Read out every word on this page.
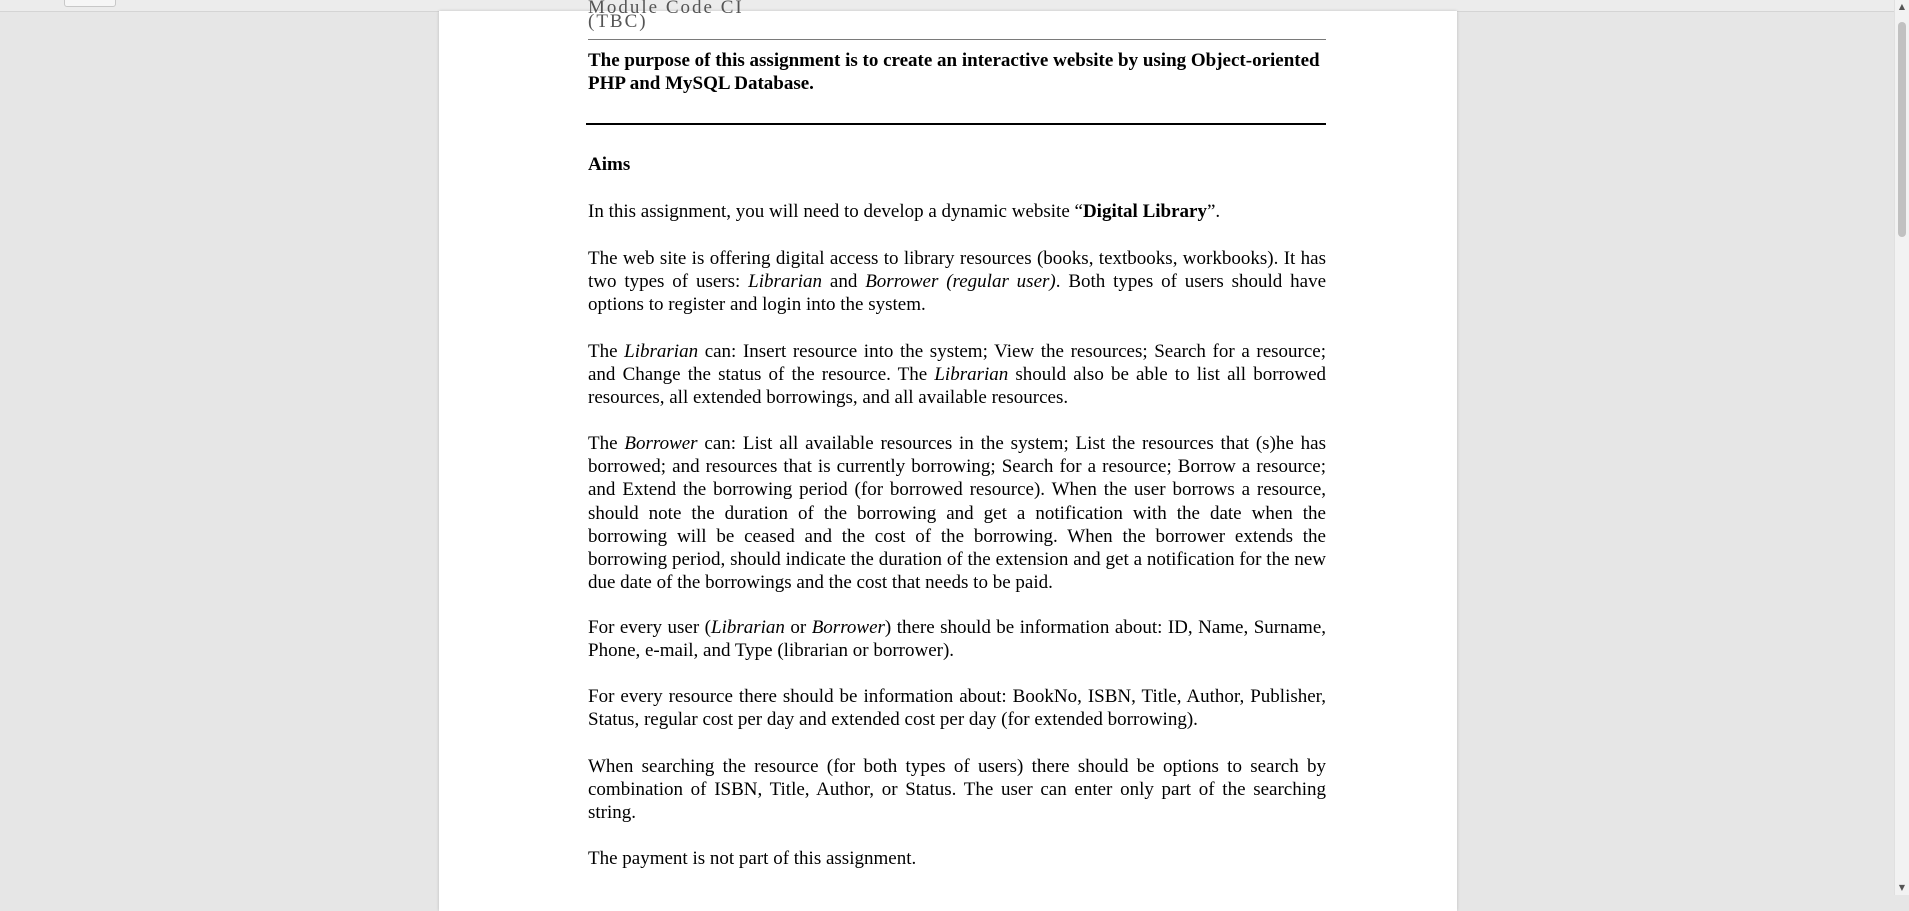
Module Code CI (TBC)
The purpose of this assignment is to create an interactive website by using Object-oriented PHP and MySQL Database.
Aims

In this assignment, you will need to develop a dynamic website “Digital Library”.

The web site is offering digital access to library resources (books, textbooks, workbooks). It has two types of users: Librarian and Borrower (regular user). Both types of users should have options to register and login into the system.

The Librarian can: Insert resource into the system; View the resources; Search for a resource; and Change the status of the resource. The Librarian should also be able to list all borrowed resources, all extended borrowings, and all available resources.

The Borrower can: List all available resources in the system; List the resources that (s)he has borrowed; and resources that is currently borrowing; Search for a resource; Borrow a resource; and Extend the borrowing period (for borrowed resource). When the user borrows a resource, should note the duration of the borrowing and get a notification with the date when the borrowing will be ceased and the cost of the borrowing. When the borrower extends the borrowing period, should indicate the duration of the extension and get a notification for the new due date of the borrowings and the cost that needs to be paid.

For every user (Librarian or Borrower) there should be information about: ID, Name, Surname, Phone, e-mail, and Type (librarian or borrower).

For every resource there should be information about: BookNo, ISBN, Title, Author, Publisher, Status, regular cost per day and extended cost per day (for extended borrowing).

When searching the resource (for both types of users) there should be options to search by combination of ISBN, Title, Author, or Status. The user can enter only part of the searching string.

The payment is not part of this assignment.

▲
▼
